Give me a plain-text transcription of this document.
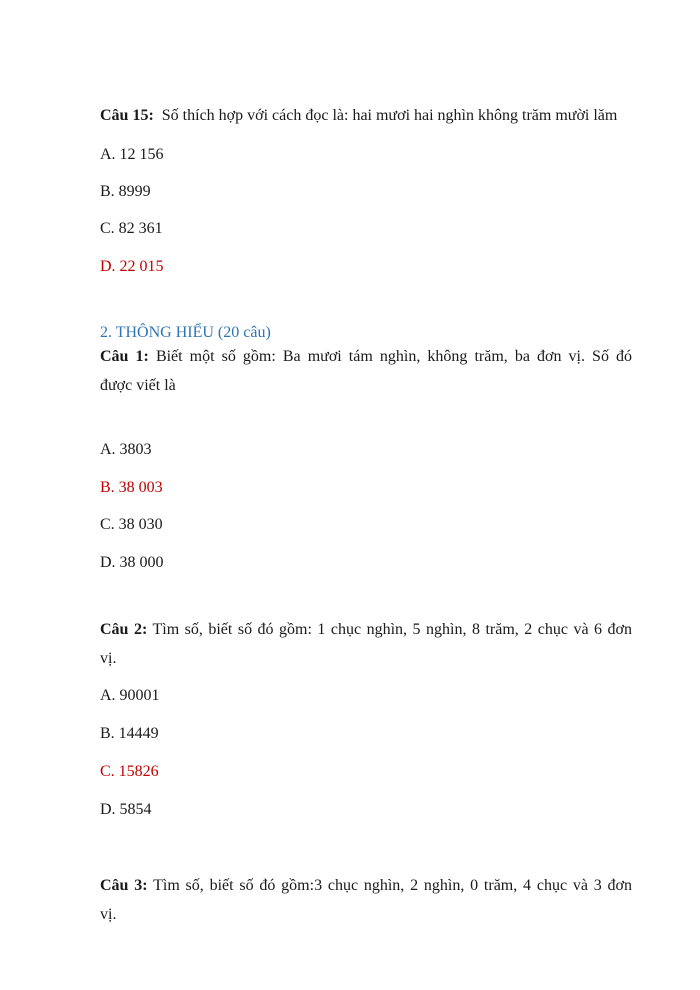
Câu 15: Số thích hợp với cách đọc là: hai mươi hai nghìn không trăm mười lăm
A. 12 156
B. 8999
C. 82 361
D. 22 015
2. THÔNG HIỂU (20 câu)
Câu 1: Biết một số gồm: Ba mươi tám nghìn, không trăm, ba đơn vị. Số đó
được viết là
A. 3803
B. 38 003
C. 38 030
D. 38 000
Câu 2: Tìm số, biết số đó gồm: 1 chục nghìn, 5 nghìn, 8 trăm, 2 chục và 6 đơn
vị.
A. 90001
B. 14449
C. 15826
D. 5854
Câu 3: Tìm số, biết số đó gồm:3 chục nghìn, 2 nghìn, 0 trăm, 4 chục và 3 đơn
vị.
